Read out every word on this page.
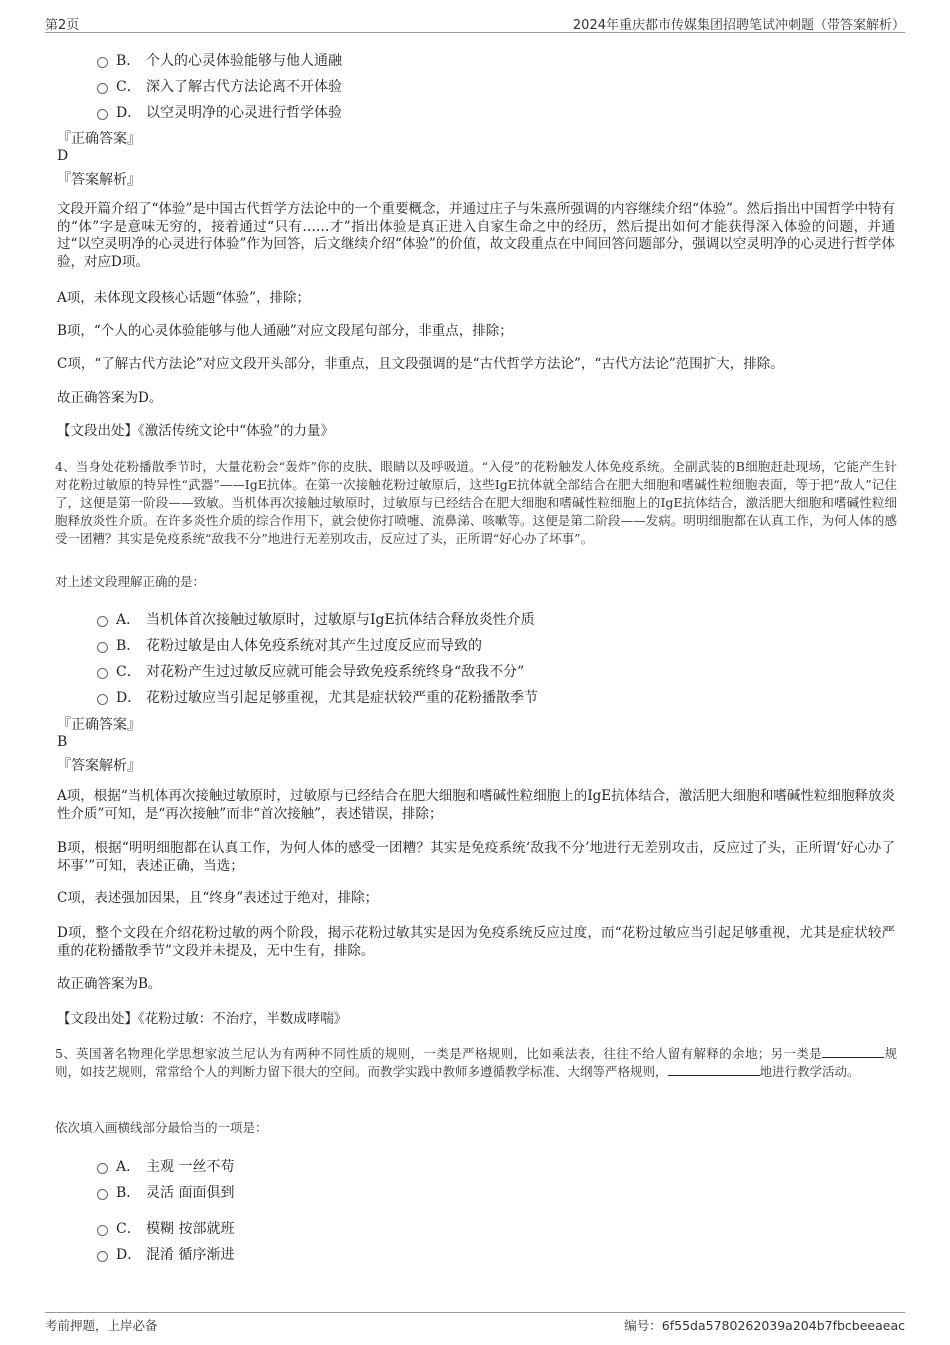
第2页	2024年重庆都市传媒集团招聘笔试冲刺题（带答案解析）
B． 个人的心灵体验能够与他人通融
C． 深入了解古代方法论离不开体验
D． 以空灵明净的心灵进行哲学体验
『正确答案』
D
『答案解析』
文段开篇介绍了“体验”是中国古代哲学方法论中的一个重要概念，并通过庄子与朱熹所强调的内容继续介绍“体验”。然后指出中国哲学中特有的“体”字是意味无穷的，接着通过“只有……才”指出体验是真正进入自家生命之中的经历，然后提出如何才能获得深入体验的问题，并通过“以空灵明净的心灵进行体验”作为回答，后文继续介绍“体验”的价值，故文段重点在中间回答问题部分，强调以空灵明净的心灵进行哲学体验，对应D项。
A项，未体现文段核心话题“体验”，排除；
B项，“个人的心灵体验能够与他人通融”对应文段尾句部分，非重点，排除；
C项，“了解古代方法论”对应文段开头部分，非重点，且文段强调的是“古代哲学方法论”，“古代方法论”范围扩大，排除。
故正确答案为D。
【文段出处】《激活传统文论中“体验”的力量》
4、当身处花粉播散季节时，大量花粉会“轰炸”你的皮肤、眼睛以及呼吸道。“入侵”的花粉触发人体免疫系统。全副武装的B细胞赶赴现场，它能产生针对花粉过敏原的特异性“武器”——IgE抗体。在第一次接触花粉过敏原后，这些IgE抗体就全部结合在肥大细胞和嗜碱性粒细胞表面，等于把“敌人”记住了，这便是第一阶段——致敏。当机体再次接触过敏原时，过敏原与已经结合在肥大细胞和嗜碱性粒细胞上的IgE抗体结合，激活肥大细胞和嗜碱性粒细胞释放炎性介质。在许多炎性介质的综合作用下，就会使你打喷嚏、流鼻涕、咳嗽等。这便是第二阶段——发病。明明细胞都在认真工作，为何人体的感受一团糟？其实是免疫系统“敌我不分”地进行无差别攻击，反应过了头，正所谓“好心办了坏事”。
对上述文段理解正确的是：
A． 当机体首次接触过敏原时，过敏原与IgE抗体结合释放炎性介质
B． 花粉过敏是由人体免疫系统对其产生过度反应而导致的
C． 对花粉产生过过敏反应就可能会导致免疫系统终身“敌我不分”
D． 花粉过敏应当引起足够重视，尤其是症状较严重的花粉播散季节
『正确答案』
B
『答案解析』
A项，根据“当机体再次接触过敏原时，过敏原与已经结合在肥大细胞和嗜碱性粒细胞上的IgE抗体结合，激活肥大细胞和嗜碱性粒细胞释放炎性介质”可知，是“再次接触”而非“首次接触”，表述错误，排除；
B项，根据“明明细胞都在认真工作，为何人体的感受一团糟？其实是免疫系统‘敌我不分’地进行无差别攻击，反应过了头，正所谓‘好心办了坏事’”可知，表述正确，当选；
C项，表述强加因果，且“终身”表述过于绝对，排除；
D项，整个文段在介绍花粉过敏的两个阶段，揭示花粉过敏其实是因为免疫系统反应过度，而“花粉过敏应当引起足够重视，尤其是症状较严重的花粉播散季节”文段并未提及，无中生有，排除。
故正确答案为B。
【文段出处】《花粉过敏：不治疗，半数成哮喘》
5、英国著名物理化学思想家波兰尼认为有两种不同性质的规则，一类是严格规则，比如乘法表，往往不给人留有解释的余地；另一类是	规则，如技艺规则，常常给个人的判断力留下很大的空间。而教学实践中教师多遵循教学标准、大纲等严格规则，	地进行教学活动。
依次填入画横线部分最恰当的一项是：
A． 主观 一丝不苟
B． 灵活 面面俱到
C． 模糊 按部就班
D． 混淆 循序渐进
考前押题，上岸必备	编号：6f55da5780262039a204b7fbcbeeaeac
